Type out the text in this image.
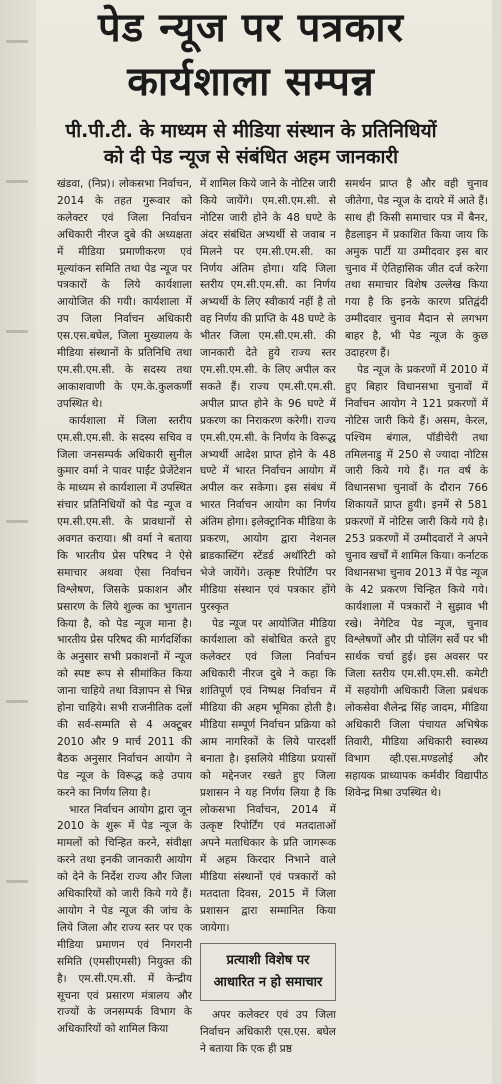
पेड न्यूज पर पत्रकार
कार्यशाला सम्पन्न
पी.पी.टी. के माध्यम से मीडिया संस्थान के प्रतिनिधियों
को दी पेड न्यूज से संबंधित अहम जानकारी

खंडवा, (निप्र)। लोकसभा निर्वाचन, 2014 के तहत गुरूवार को कलेक्टर एवं जिला निर्वाचन अधिकारी नीरज दुबे की अध्यक्षता में मीडिया प्रमाणीकरण एवं मूल्यांकन समिति तथा पेड न्यूज पर पत्रकारों के लिये कार्यशाला आयोजित की गयी। कार्यशाला में उप जिला निर्वाचन अधिकारी एस.एस.बघेल, जिला मुख्यालय के मीडिया संस्थानों के प्रतिनिधि तथा एम.सी.एम.सी. के सदस्य तथा आकाशवाणी के एम.के.कुलकर्णी उपस्थित थे।

कार्यशाला में जिला स्तरीय एम.सी.एम.सी. के सदस्य सचिव व जिला जनसम्पर्क अधिकारी सुनील कुमार वर्मा ने पावर पाईंट प्रेजेंटेशन के माध्यम से कार्यशाला में उपस्थित संचार प्रतिनिधियों को पेड न्यूज व एम.सी.एम.सी. के प्रावधानों से अवगत कराया। श्री वर्मा ने बताया कि भारतीय प्रेस परिषद ने ऐसे समाचार अथवा ऐसा निर्वाचन विश्लेषण, जिसके प्रकाशन और प्रसारण के लिये शुल्क का भुगतान किया है, को पेड न्यूज माना है। भारतीय प्रेस परिषद की मार्गदर्शिका के अनुसार सभी प्रकाशनों में न्यूज को स्पष्ट रूप से सीमांकित किया जाना चाहिये तथा विज्ञापन से भिन्न होना चाहिये। सभी राजनीतिक दलों की सर्व-सम्मति से 4 अक्टूबर 2010 और 9 मार्च 2011 की बैठक अनुसार निर्वाचन आयोग ने पेड न्यूज के विरूद्ध कड़े उपाय करने का निर्णय लिया है।

भारत निर्वाचन आयोग द्वारा जून 2010 के शुरू में पेड न्यूज के मामलों को चिन्हित करने, संवीक्षा करने तथा इनकी जानकारी आयोग को देने के निर्देश राज्य और जिला अधिकारियों को जारी किये गये हैं। आयोग ने पेड न्यूज की जांच के लिये जिला और राज्य स्तर पर एक मीडिया प्रमाणन एवं निगरानी समिति (एमसीएमसी) नियुक्त की है। एम.सी.एम.सी. में केन्द्रीय सूचना एवं प्रसारण मंत्रालय और राज्यों के जनसम्पर्क विभाग के अधिकारियों को शामिल किया

में शामिल किये जाने के नोटिस जारी किये जायेंगे। एम.सी.एम.सी. से नोटिस जारी होने के 48 घण्टे के अंदर संबंधित अभ्यर्थी से जवाब न मिलने पर एम.सी.एम.सी. का निर्णय अंतिम होगा। यदि जिला स्तरीय एम.सी.एम.सी. का निर्णय अभ्यर्थी के लिए स्वीकार्य नहीं है तो वह निर्णय की प्राप्ति के 48 घण्टे के भीतर जिला एम.सी.एम.सी. की जानकारी देते हुये राज्य स्तर एम.सी.एम.सी. के लिए अपील कर सकते हैं। राज्य एम.सी.एम.सी. अपील प्राप्त होने के 96 घण्टे में प्रकरण का निराकरण करेगी। राज्य एम.सी.एम.सी. के निर्णय के विरूद्ध अभ्यर्थी आदेश प्राप्त होने के 48 घण्टे में भारत निर्वाचन आयोग में अपील कर सकेगा। इस संबंध में भारत निर्वाचन आयोग का निर्णय अंतिम होगा। इलेक्ट्रानिक मीडिया के प्रकरण, आयोग द्वारा नेशनल ब्राडकास्टिंग स्टेंडर्ड अथॉरिटी को भेजे जायेंगे। उत्कृष्ट रिपोर्टिंग पर मीडिया संस्थान एवं पत्रकार होंगे पुरस्कृत

पेड न्यूज पर आयोजित मीडिया कार्यशाला को संबोधित करते हुए कलेक्टर एवं जिला निर्वाचन अधिकारी नीरज दुबे ने कहा कि शांतिपूर्ण एवं निष्पक्ष निर्वाचन में मीडिया की अहम भूमिका होती है। मीडिया सम्पूर्ण निर्वाचन प्रक्रिया को आम नागरिकों के लिये पारदर्शी बनाता है। इसलिये मीडिया प्रयासों को मद्देनजर रखते हुए जिला प्रशासन ने यह निर्णय लिया है कि लोकसभा निर्वाचन, 2014 में उत्कृष्ट रिपोर्टिंग एवं मतदाताओं अपने मताधिकार के प्रति जागरूक में अहम किरदार निभाने वाले मीडिया संस्थानों एवं पत्रकारों को मतदाता दिवस, 2015 में जिला प्रशासन द्वारा सम्मानित किया जायेगा।

प्रत्याशी विशेष पर आधारित न हो समाचार

अपर कलेक्टर एवं उप जिला निर्वाचन अधिकारी एस.एस. बघेल ने बताया कि एक ही प्रष्ठ

समर्थन प्राप्त है और वही चुनाव जीतेगा, पेड न्यूज के दायरे में आते हैं। साथ ही किसी समाचार पत्र में बैनर, हैडलाइन में प्रकाशित किया जाय कि अमुक पार्टी या उम्मीदवार इस बार चुनाव में ऐतिहासिक जीत दर्ज करेगा तथा समाचार विशेष उल्लेख किया गया है कि इनके कारण प्रतिद्वंदी उम्मीदवार चुनाव मैदान से लगभग बाहर है, भी पेड न्यूज के कुछ उदाहरण हैं।

पेड न्यूज के प्रकरणों में 2010 में हुए बिहार विधानसभा चुनावों में निर्वाचन आयोग ने 121 प्रकरणों में नोटिस जारी किये हैं। असम, केरल, पश्चिम बंगाल, पॉडीचेरी तथा तमिलनाडु में 250 से ज्यादा नोटिस जारी किये गये हैं। गत वर्ष के विधानसभा चुनावों के दौरान 766 शिकायतें प्राप्त हुयी। इनमें से 581 प्रकरणों में नोटिस जारी किये गये है। 253 प्रकरणों में उम्मीदवारों ने अपने चुनाव खर्चों में शामिल किया। कर्नाटक विधानसभा चुनाव 2013 में पेड न्यूज के 42 प्रकरण चिन्हित किये गये। कार्यशाला में पत्रकारों ने सुझाव भी रखे। नेगेटिव पेड न्यूज, चुनाव विश्लेषणों और प्री पोलिंग सर्वे पर भी सार्थक चर्चा हुई। इस अवसर पर जिला स्तरीय एम.सी.एम.सी. कमेटी में सहयोगी अधिकारी जिला प्रबंधक लोकसेवा शैलेन्द्र सिंह जादम, मीडिया अधिकारी जिला पंचायत अभिषेक तिवारी, मीडिया अधिकारी स्वास्थ्य विभाग व्ही.एस.मण्डलोई और सहायक प्राध्यापक कर्मवीर विद्यापीठ शिवेन्द्र मिश्रा उपस्थित थे।
